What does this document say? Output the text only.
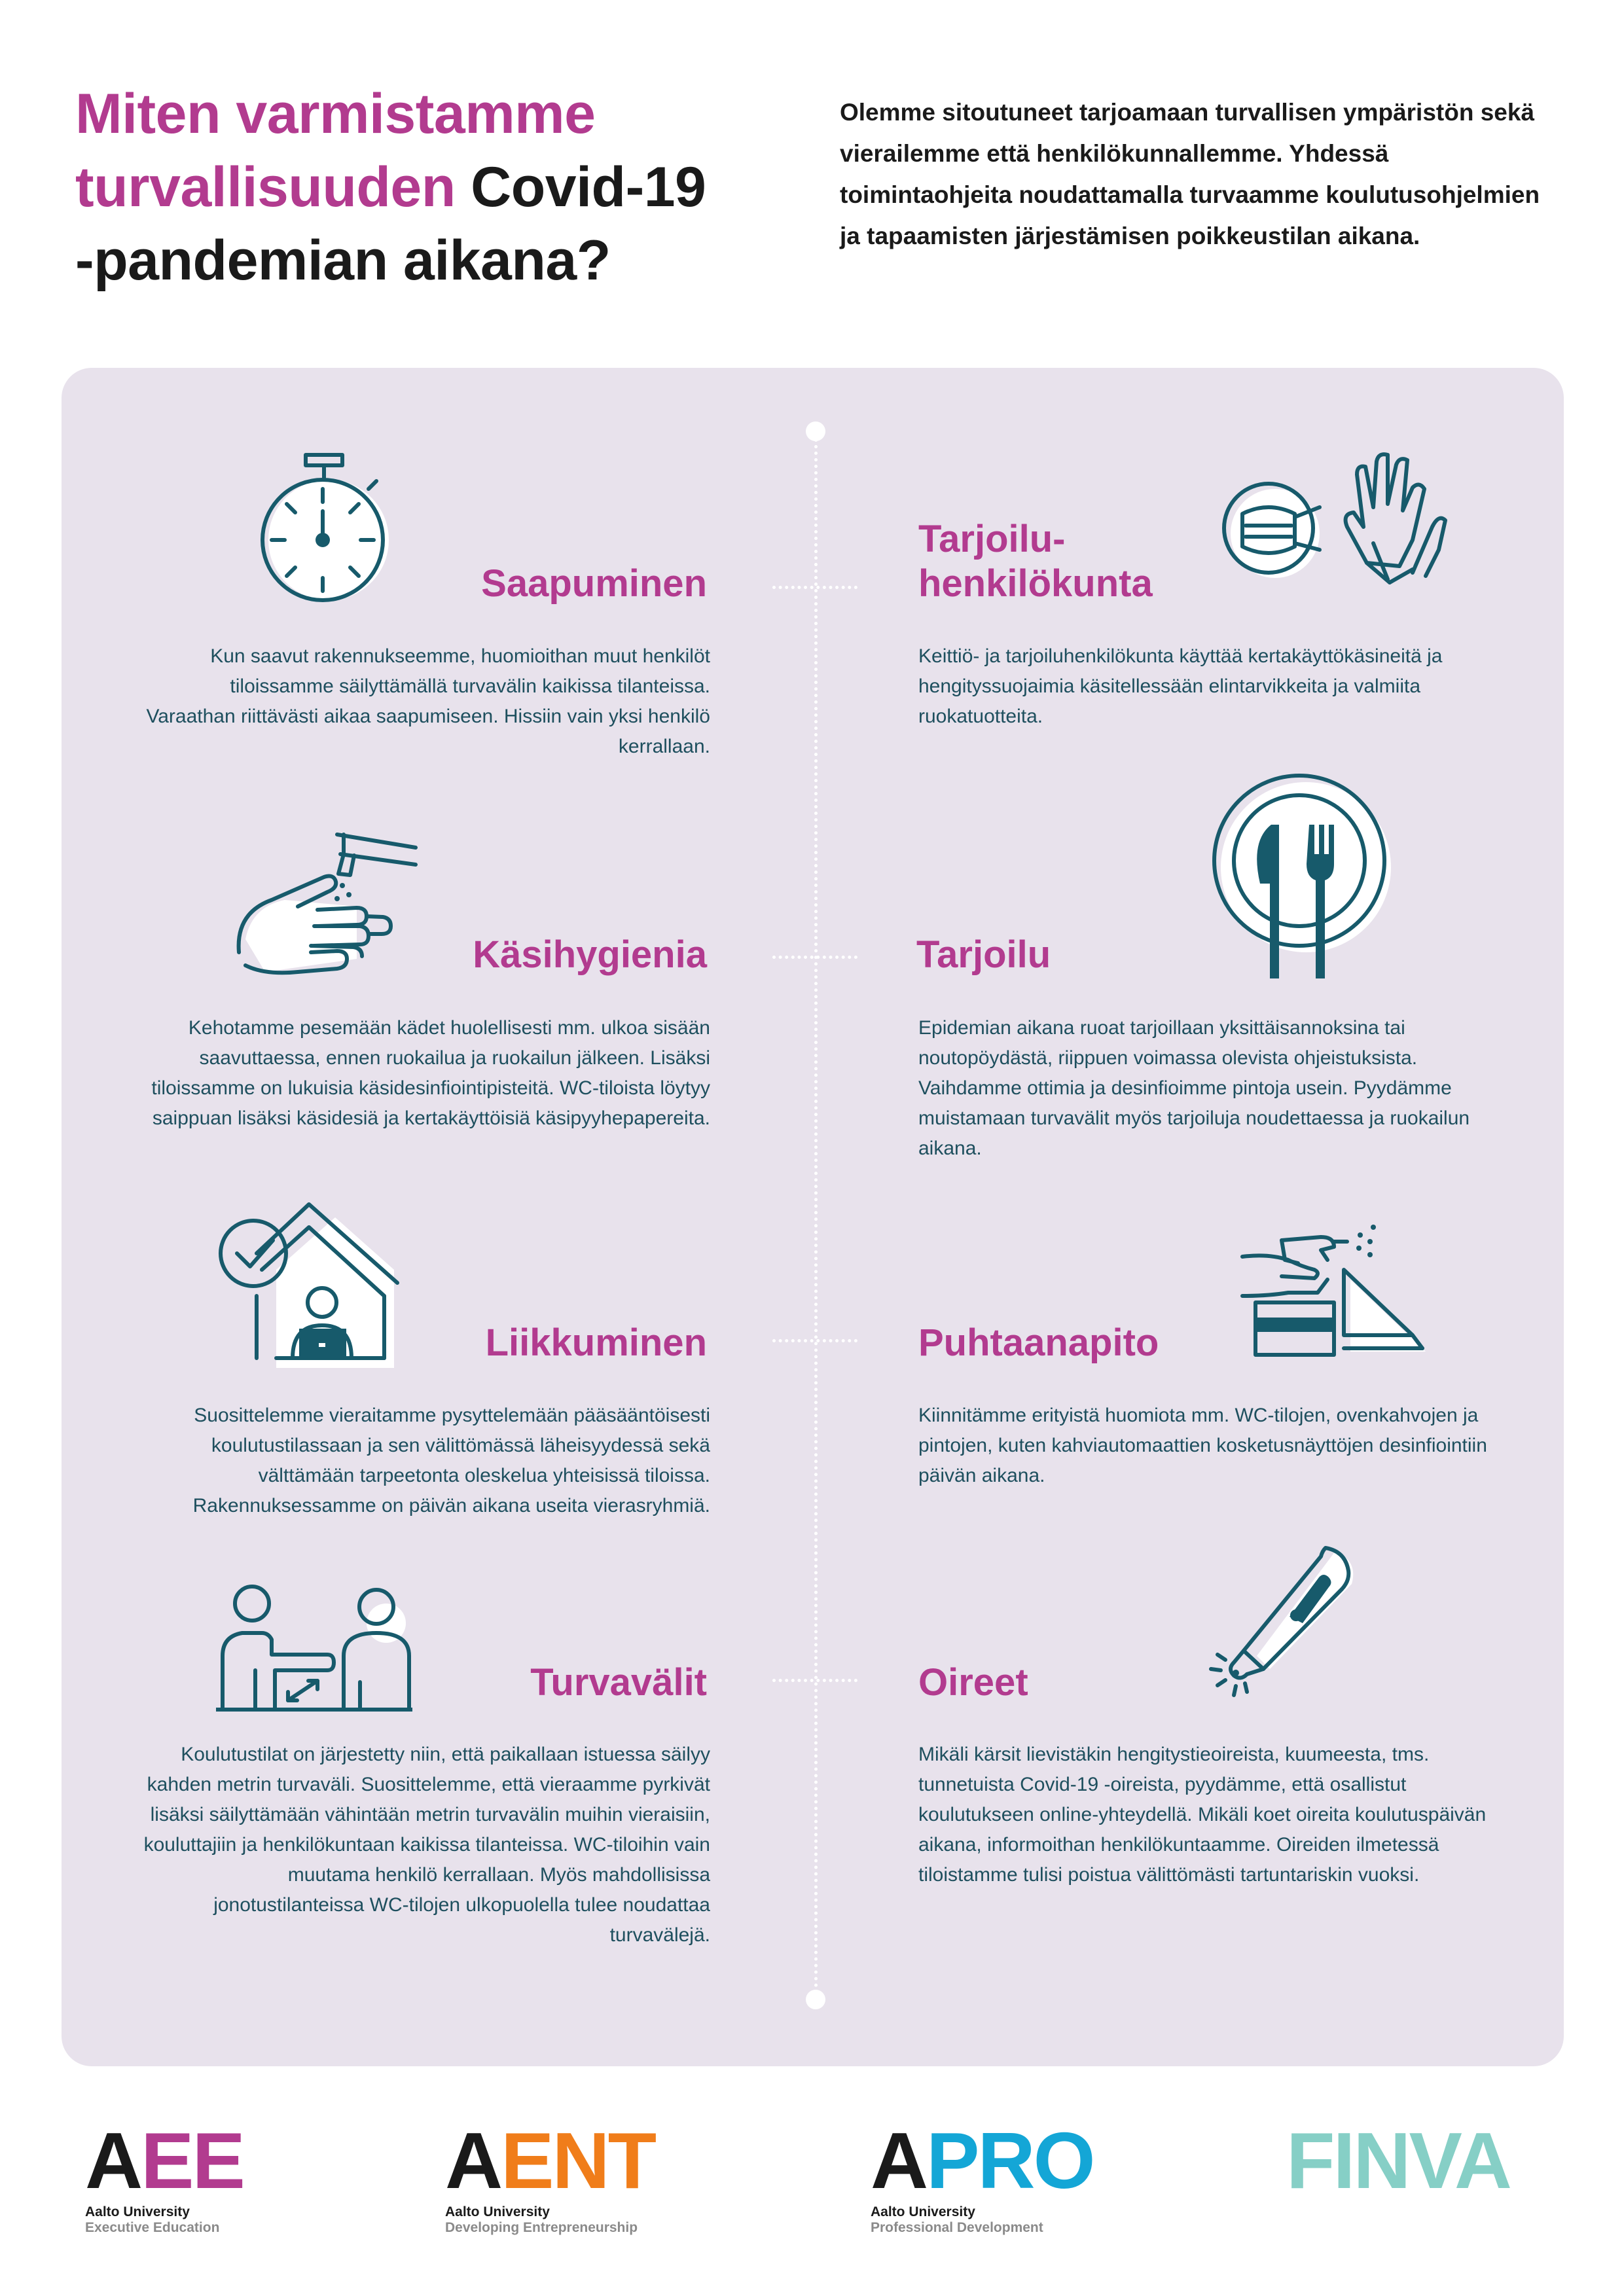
Miten varmistamme
turvallisuuden Covid-19
-pandemian aikana?

Olemme sitoutuneet tarjoamaan turvallisen ympäristön sekä vierailemme että henkilökunnallemme. Yhdessä toimintaohjeita noudattamalla turvaamme koulutusohjelmien ja tapaamisten järjestämisen poikkeustilan aikana.

Saapuminen

Kun saavut rakennukseemme, huomioithan muut henkilöt tiloissamme säilyttämällä turvavälin kaikissa tilanteissa. Varaathan riittävästi aikaa saapumiseen. Hissiin vain yksi henkilö kerrallaan.

Tarjoilu-
henkilökunta

Keittiö- ja tarjoiluhenkilökunta käyttää kertakäyttökäsineitä ja hengityssuojaimia käsitellessään elintarvikkeita ja valmiita ruokatuotteita.

Käsihygienia

Kehotamme pesemään kädet huolellisesti mm. ulkoa sisään saavuttaessa, ennen ruokailua ja ruokailun jälkeen. Lisäksi tiloissamme on lukuisia käsidesinfiointipisteitä. WC-tiloista löytyy saippuan lisäksi käsidesiä ja kertakäyttöisiä käsipyyhepapereita.

Tarjoilu

Epidemian aikana ruoat tarjoillaan yksittäisannoksina tai noutopöydästä, riippuen voimassa olevista ohjeistuksista. Vaihdamme ottimia ja desinfioimme pintoja usein. Pyydämme muistamaan turvavälit myös tarjoiluja noudettaessa ja ruokailun aikana.

Liikkuminen

Suosittelemme vieraitamme pysyttelemään pääsääntöisesti koulutustilassaan ja sen välittömässä läheisyydessä sekä välttämään tarpeetonta oleskelua yhteisissä tiloissa. Rakennuksessamme on päivän aikana useita vierasryhmiä.

Puhtaanapito

Kiinnitämme erityistä huomiota mm. WC-tilojen, ovenkahvojen ja pintojen, kuten kahviautomaattien kosketusnäyttöjen desinfiointiin päivän aikana.

Turvavälit

Koulutustilat on järjestetty niin, että paikallaan istuessa säilyy kahden metrin turvaväli. Suosittelemme, että vieraamme pyrkivät lisäksi säilyttämään vähintään metrin turvavälin muihin vieraisiin, kouluttajiin ja henkilökuntaan kaikissa tilanteissa. WC-tiloihin vain muutama henkilö kerrallaan. Myös mahdollisissa jonotustilanteissa WC-tilojen ulkopuolella tulee noudattaa turvavälejä.

Oireet

Mikäli kärsit lievistäkin hengitystieoireista, kuumeesta, tms. tunnetuista Covid-19 -oireista, pyydämme, että osallistut koulutukseen online-yhteydellä. Mikäli koet oireita koulutuspäivän aikana, informoithan henkilökuntaamme. Oireiden ilmetessä tiloistamme tulisi poistua välittömästi tartuntariskin vuoksi.

AEE

Aalto University
Executive Education

AENT

Aalto University
Developing Entrepreneurship

APRO

Aalto University
Professional Development

FINVA
